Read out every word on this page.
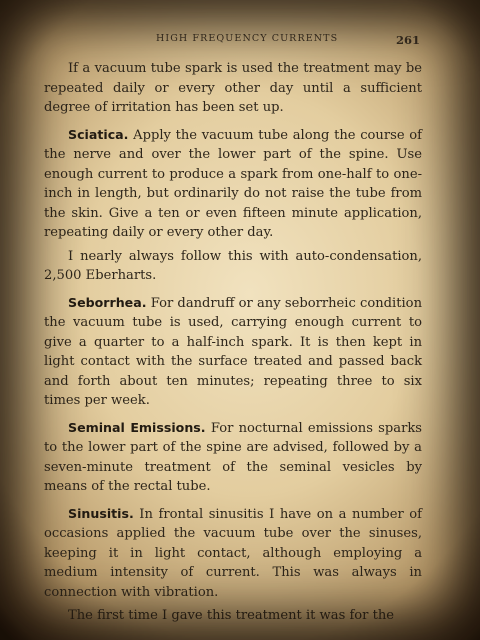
HIGH FREQUENCY CURRENTS	261

If a vacuum tube spark is used the treatment may be repeated daily or every other day until a sufficient degree of irritation has been set up.

Sciatica. Apply the vacuum tube along the course of the nerve and over the lower part of the spine. Use enough current to produce a spark from one-half to one-inch in length, but ordinarily do not raise the tube from the skin. Give a ten or even fifteen minute application, repeating daily or every other day.

I nearly always follow this with auto-condensation, 2,500 Eberharts.

Seborrhea. For dandruff or any seborrheic condition the vacuum tube is used, carrying enough current to give a quarter to a half-inch spark. It is then kept in light contact with the surface treated and passed back and forth about ten minutes; repeating three to six times per week.

Seminal Emissions. For nocturnal emissions sparks to the lower part of the spine are advised, followed by a seven-minute treatment of the seminal vesicles by means of the rectal tube.

Sinusitis. In frontal sinusitis I have on a number of occasions applied the vacuum tube over the sinuses, keeping it in light contact, although employing a medium intensity of current. This was always in connection with vibration.

The first time I gave this treatment it was for the
